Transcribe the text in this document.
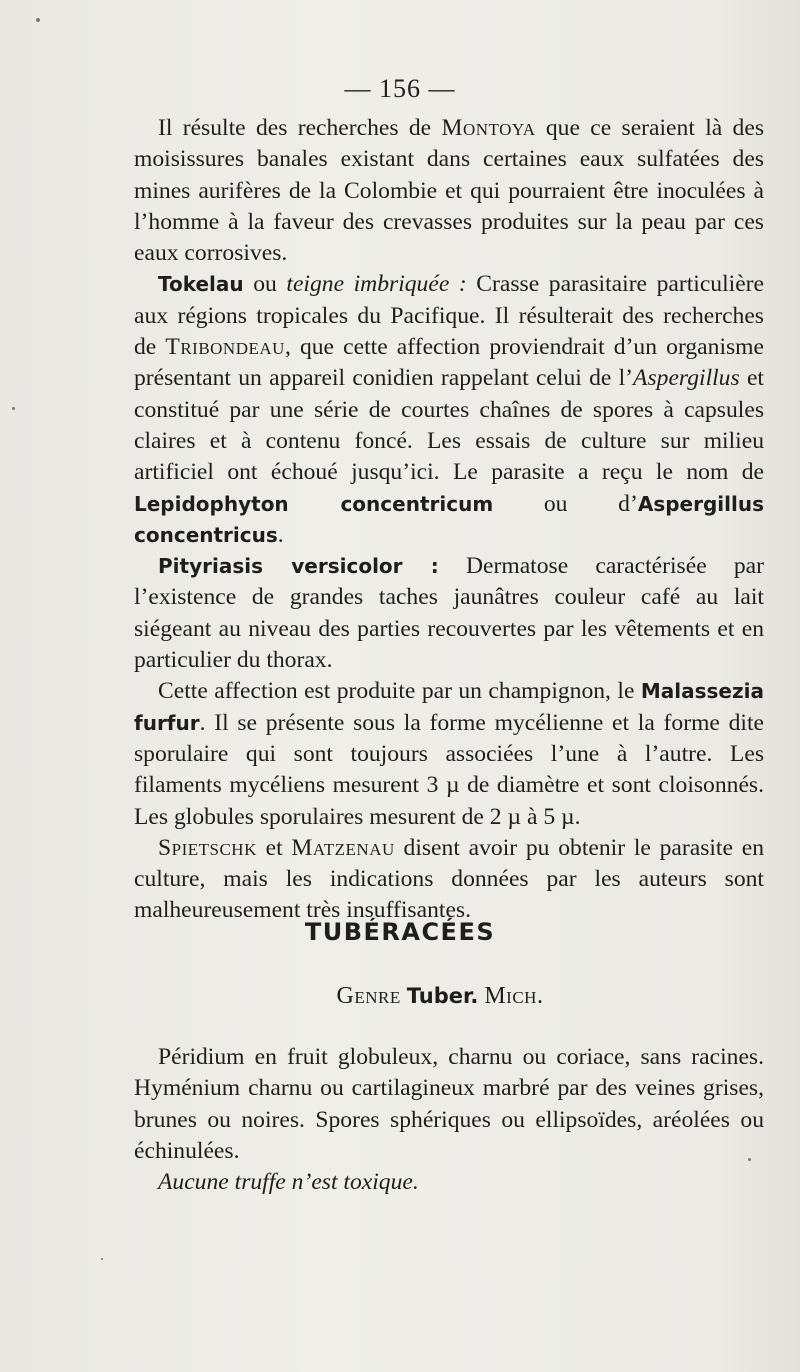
— 156 —

Il résulte des recherches de Montoya que ce seraient là des moisissures banales existant dans certaines eaux sulfatées des mines aurifères de la Colombie et qui pourraient être inoculées à l’homme à la faveur des crevasses produites sur la peau par ces eaux corrosives.

Tokelau ou teigne imbriquée : Crasse parasitaire particulière aux régions tropicales du Pacifique. Il résulterait des recherches de Tribondeau, que cette affection proviendrait d’un organisme présentant un appareil conidien rappelant celui de l’Aspergillus et constitué par une série de courtes chaînes de spores à capsules claires et à contenu foncé. Les essais de culture sur milieu artificiel ont échoué jusqu’ici. Le parasite a reçu le nom de Lepidophyton concentricum ou d’Aspergillus concentricus.

Pityriasis versicolor : Dermatose caractérisée par l’existence de grandes taches jaunâtres couleur café au lait siégeant au niveau des parties recouvertes par les vêtements et en particulier du thorax.

Cette affection est produite par un champignon, le Malassezia furfur. Il se présente sous la forme mycélienne et la forme dite sporulaire qui sont toujours associées l’une à l’autre. Les filaments mycéliens mesurent 3 µ de diamètre et sont cloisonnés. Les globules sporulaires mesurent de 2 µ à 5 µ.

Spietschk et Matzenau disent avoir pu obtenir le parasite en culture, mais les indications données par les auteurs sont malheureusement très insuffisantes.

TUBÉRACÉES
Genre Tuber. Mich.

Péridium en fruit globuleux, charnu ou coriace, sans racines. Hyménium charnu ou cartilagineux marbré par des veines grises, brunes ou noires. Spores sphériques ou ellipsoïdes, aréolées ou échinulées.

Aucune truffe n’est toxique.
